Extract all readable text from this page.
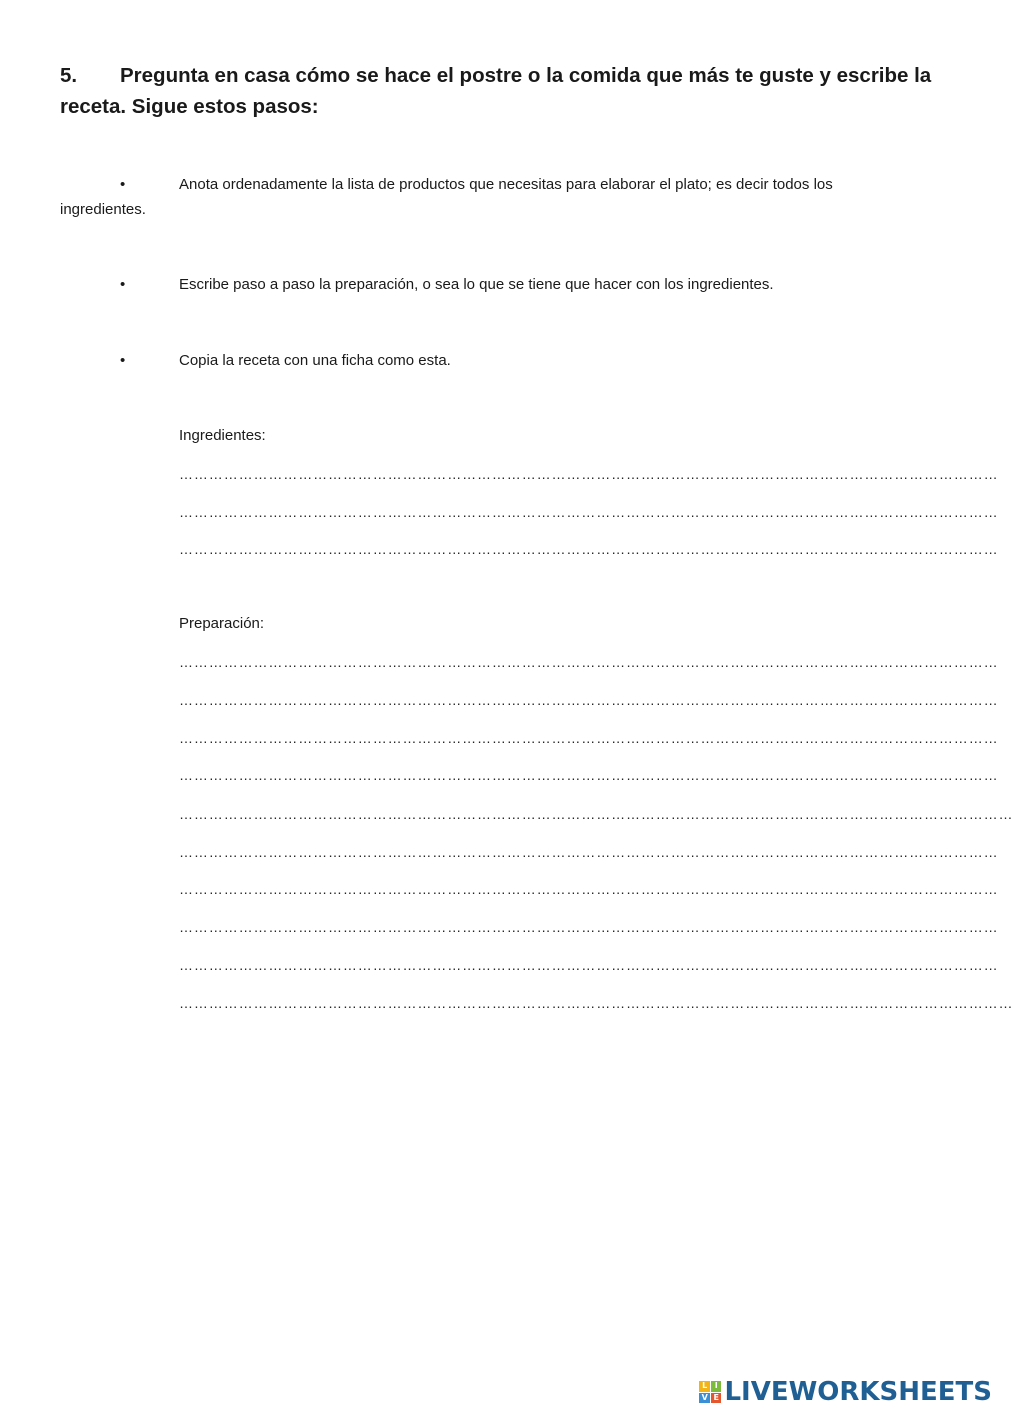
5. Pregunta en casa cómo se hace el postre o la comida que más te guste y escribe la receta. Sigue estos pasos:
•	Anota ordenadamente la lista de productos que necesitas para elaborar el plato; es decir todos los
ingredientes.
•	Escribe paso a paso la preparación, o sea lo que se tiene que hacer con los ingredientes.
•	Copia la receta con una ficha como esta.
Ingredientes:
…………………………………………………………………………………………………………………………………………………
…………………………………………………………………………………………………………………………………………………
…………………………………………………………………………………………………………………………………………………
Preparación:
…………………………………………………………………………………………………………………………………………………
…………………………………………………………………………………………………………………………………………………
…………………………………………………………………………………………………………………………………………………
…………………………………………………………………………………………………………………………………………………
……………………………………………………………………………………………………………………………………………………
…………………………………………………………………………………………………………………………………………………
…………………………………………………………………………………………………………………………………………………
…………………………………………………………………………………………………………………………………………………
…………………………………………………………………………………………………………………………………………………
……………………………………………………………………………………………………………………………………………………
L I
V E LIVEWORKSHEETS
